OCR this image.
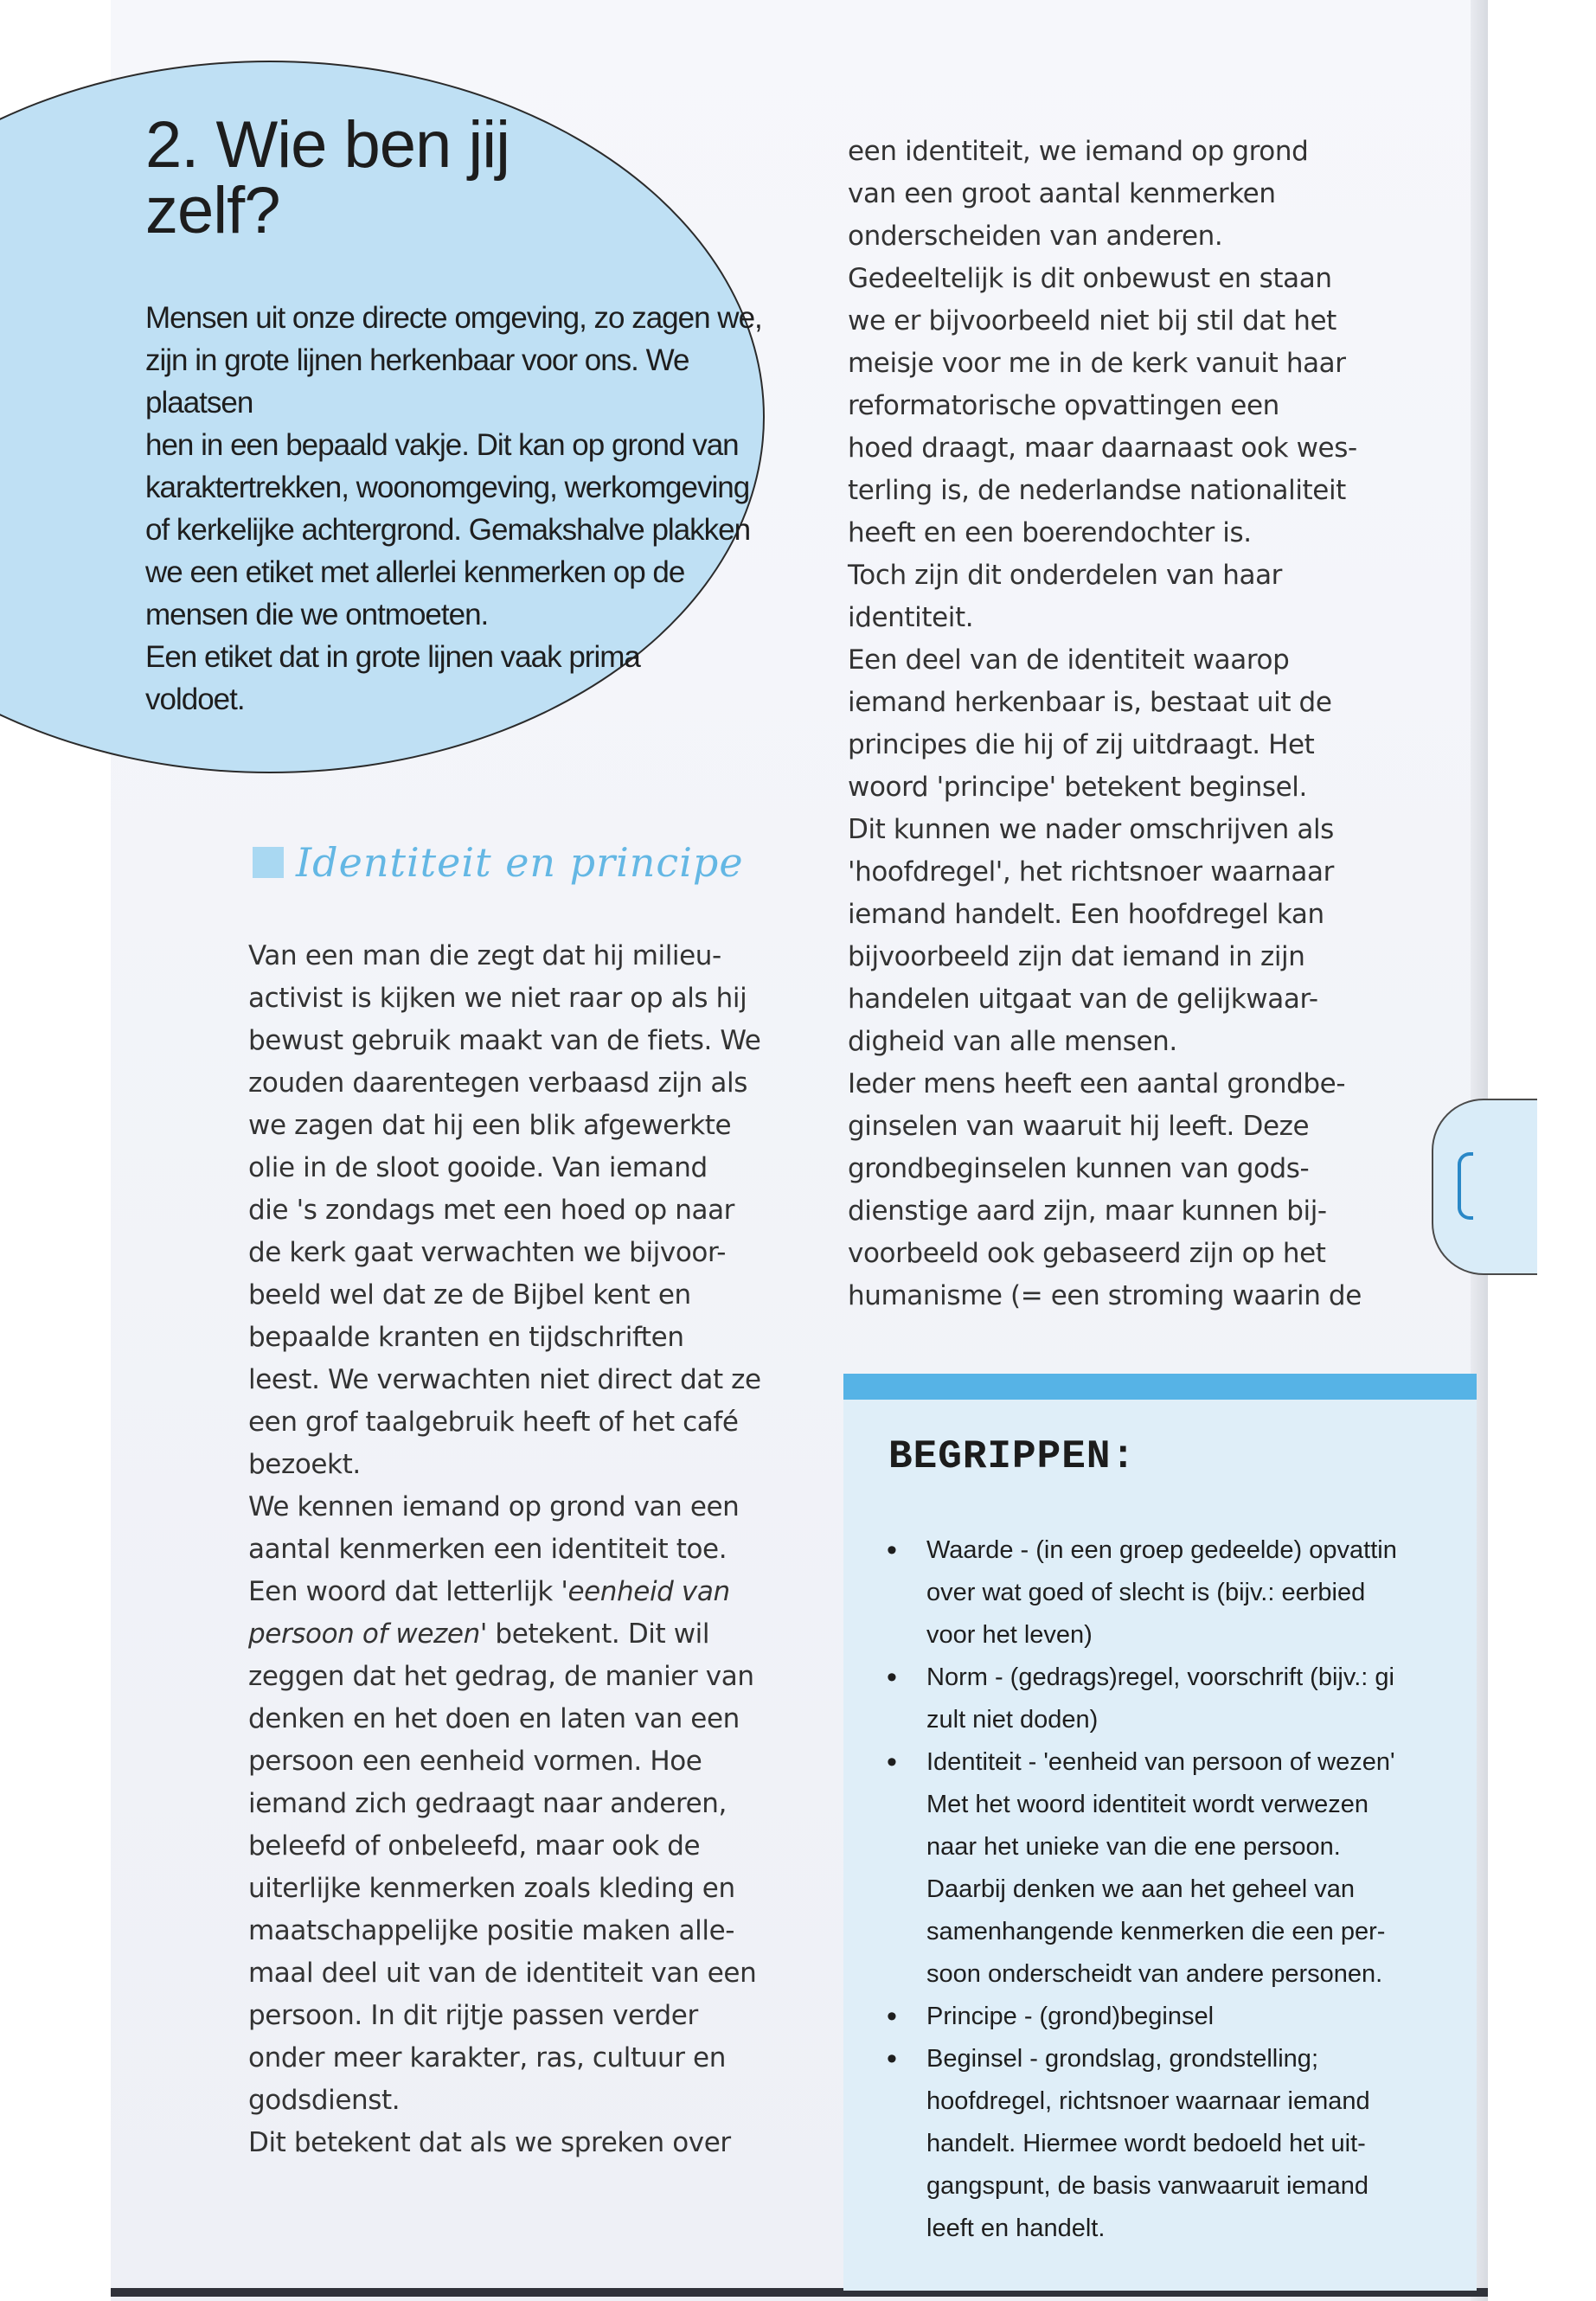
2. Wie ben jij zelf?

Mensen uit onze directe omgeving, zo zagen we,
zijn in grote lijnen herkenbaar voor ons. We plaatsen
hen in een bepaald vakje. Dit kan op grond van
karaktertrekken, woonomgeving, werkomgeving
of kerkelijke achtergrond. Gemakshalve plakken
we een etiket met allerlei kenmerken op de
mensen die we ontmoeten.
Een etiket dat in grote lijnen vaak prima
voldoet.

Identiteit en principe

Van een man die zegt dat hij milieu-
activist is kijken we niet raar op als hij
bewust gebruik maakt van de fiets. We
zouden daarentegen verbaasd zijn als
we zagen dat hij een blik afgewerkte
olie in de sloot gooide. Van iemand
die 's zondags met een hoed op naar
de kerk gaat verwachten we bijvoor-
beeld wel dat ze de Bijbel kent en
bepaalde kranten en tijdschriften
leest. We verwachten niet direct dat ze
een grof taalgebruik heeft of het café
bezoekt.
We kennen iemand op grond van een
aantal kenmerken een identiteit toe.
Een woord dat letterlijk 'eenheid van
persoon of wezen' betekent. Dit wil
zeggen dat het gedrag, de manier van
denken en het doen en laten van een
persoon een eenheid vormen. Hoe
iemand zich gedraagt naar anderen,
beleefd of onbeleefd, maar ook de
uiterlijke kenmerken zoals kleding en
maatschappelijke positie maken alle-
maal deel uit van de identiteit van een
persoon. In dit rijtje passen verder
onder meer karakter, ras, cultuur en
godsdienst.
Dit betekent dat als we spreken over

een identiteit, we iemand op grond
van een groot aantal kenmerken
onderscheiden van anderen.
Gedeeltelijk is dit onbewust en staan
we er bijvoorbeeld niet bij stil dat het
meisje voor me in de kerk vanuit haar
reformatorische opvattingen een
hoed draagt, maar daarnaast ook wes-
terling is, de nederlandse nationaliteit
heeft en een boerendochter is.
Toch zijn dit onderdelen van haar
identiteit.
Een deel van de identiteit waarop
iemand herkenbaar is, bestaat uit de
principes die hij of zij uitdraagt. Het
woord 'principe' betekent beginsel.
Dit kunnen we nader omschrijven als
'hoofdregel', het richtsnoer waarnaar
iemand handelt. Een hoofdregel kan
bijvoorbeeld zijn dat iemand in zijn
handelen uitgaat van de gelijkwaar-
digheid van alle mensen.
Ieder mens heeft een aantal grondbe-
ginselen van waaruit hij leeft. Deze
grondbeginselen kunnen van gods-
dienstige aard zijn, maar kunnen bij-
voorbeeld ook gebaseerd zijn op het
humanisme (= een stroming waarin de

BEGRIPPEN:
• Waarde - (in een groep gedeelde) opvattin
over wat goed of slecht is (bijv.: eerbied
voor het leven)
• Norm - (gedrags)regel, voorschrift (bijv.: gi
zult niet doden)
• Identiteit - 'eenheid van persoon of wezen'
Met het woord identiteit wordt verwezen
naar het unieke van die ene persoon.
Daarbij denken we aan het geheel van
samenhangende kenmerken die een per-
soon onderscheidt van andere personen.
• Principe - (grond)beginsel
• Beginsel - grondslag, grondstelling;
hoofdregel, richtsnoer waarnaar iemand
handelt. Hiermee wordt bedoeld het uit-
gangspunt, de basis vanwaaruit iemand
leeft en handelt.
